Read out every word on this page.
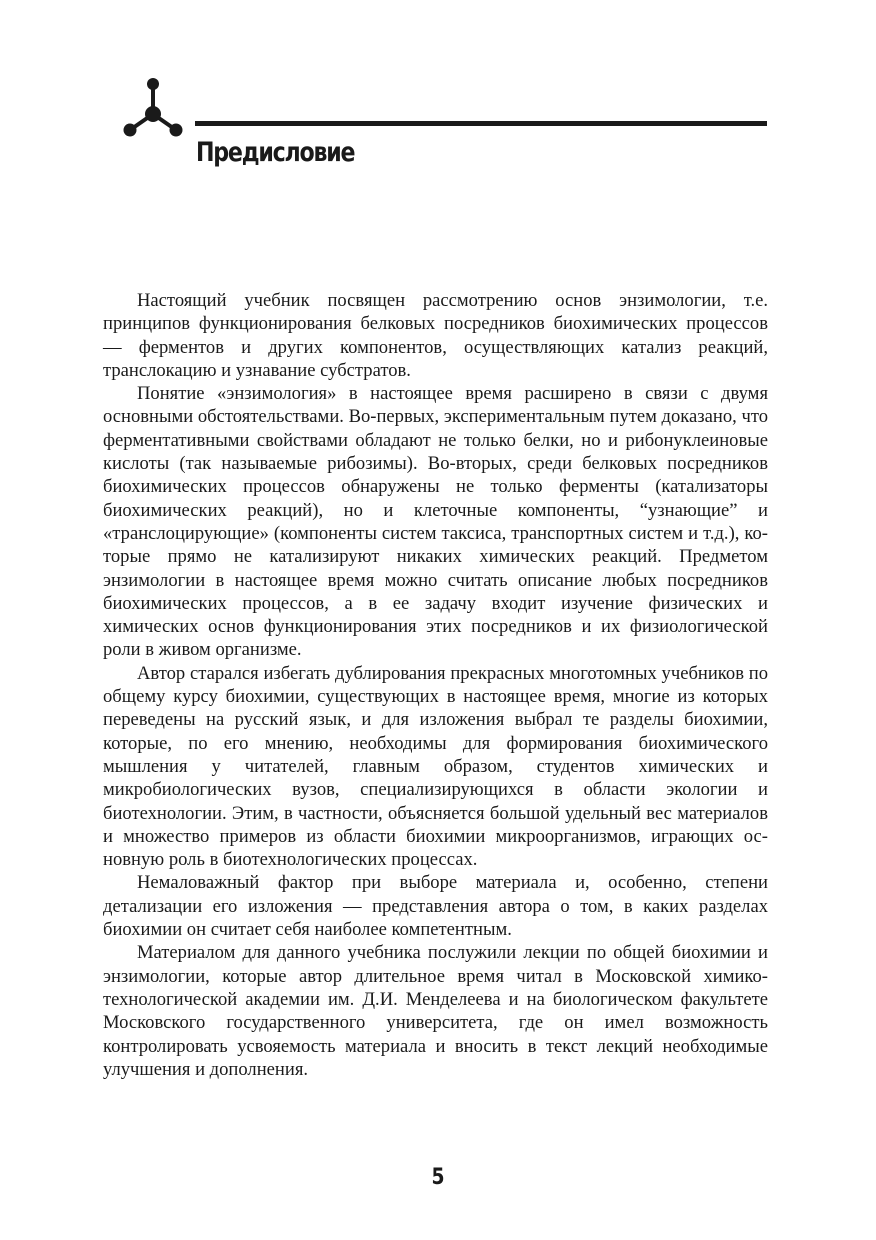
Предисловие

Настоящий учебник посвящен рассмотрению основ энзимологии, т.е. принципов функционирования белковых посредников биохимических процессов — ферментов и других компонентов, осуществляющих катализ реакций, транслокацию и узнавание субстратов.

Понятие «энзимология» в настоящее время расширено в связи с двумя основными обстоятельствами. Во-первых, экспериментальным путем доказано, что ферментативными свойствами обладают не только белки, но и рибонуклеиновые кислоты (так называемые рибозимы). Во-вторых, среди белковых посредников биохимических процессов обнаружены не только ферменты (катализаторы биохимических реакций), но и клеточные компоненты, “узнающие” и «транслоцирующие» (компоненты систем таксиса, транспортных систем и т.д.), которые прямо не катализируют никаких химических реакций. Предметом энзимологии в настоящее время можно считать описание любых посредников биохимических процессов, а в ее задачу входит изучение физических и химических основ функционирования этих посредников и их физиологической роли в живом организме.

Автор старался избегать дублирования прекрасных многотомных учебников по общему курсу биохимии, существующих в настоящее время, многие из которых переведены на русский язык, и для изложения выбрал те разделы биохимии, которые, по его мнению, необходимы для формирования биохимического мышления у читателей, главным образом, студентов химических и микробиологических вузов, специализирующихся в области экологии и биотехнологии. Этим, в частности, объясняется большой удельный вес материалов и множество примеров из области биохимии микроорганизмов, играющих основную роль в биотехнологических процессах.

Немаловажный фактор при выборе материала и, особенно, степени детализации его изложения — представления автора о том, в каких разделах биохимии он считает себя наиболее компетентным.

Материалом для данного учебника послужили лекции по общей биохимии и энзимологии, которые автор длительное время читал в Московской химико-технологической академии им. Д.И. Менделеева и на биологическом факультете Московского государственного университета, где он имел возможность контролировать усвояемость материала и вносить в текст лекций необходимые улучшения и дополнения.

5
